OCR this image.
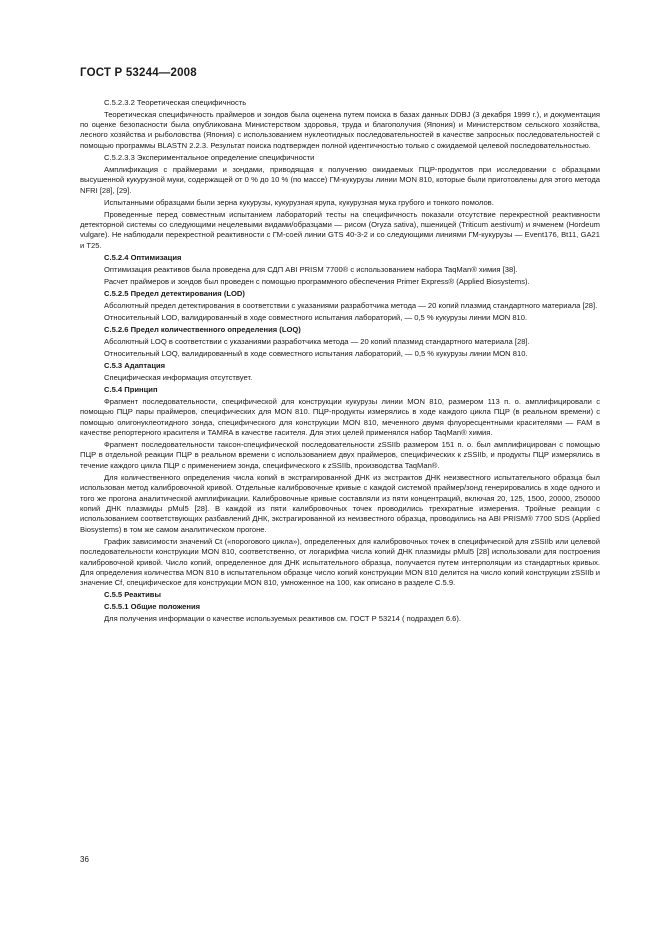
ГОСТ Р 53244—2008

С.5.2.3.2 Теоретическая специфичность

Теоретическая специфичность праймеров и зондов была оценена путем поиска в базах данных DDBJ (3 декабря 1999 г.), и документация по оценке безопасности была опубликована Министерством здоровья, труда и благополучия (Япония) и Министерством сельского хозяйства, лесного хозяйства и рыболовства (Япония) с использованием нуклеотидных последовательностей в качестве запросных последовательностей с помощью программы BLASTN 2.2.3. Результат поиска подтвержден полной идентичностью только с ожидаемой целевой последовательностью.

С.5.2.3.3 Экспериментальное определение специфичности

Амплификация с праймерами и зондами, приводящая к получению ожидаемых ПЦР-продуктов при исследовании с образцами высушенной кукурузной муки, содержащей от 0 % до 10 % (по массе) ГМ-кукурузы линии MON 810, которые были приготовлены для этого метода NFRI [28], [29].

Испытанными образцами были зерна кукурузы, кукурузная крупа, кукурузная мука грубого и тонкого помолов.

Проведенные перед совместным испытанием лабораторий тесты на специфичность показали отсутствие перекрестной реактивности детекторной системы со следующими нецелевыми видами/образцами — рисом (Oryza sativa), пшеницей (Triticum aestivum) и ячменем (Hordeum vulgare). Не наблюдали перекрестной реактивности с ГМ-соей линии GTS 40-3-2 и со следующими линиями ГМ-кукурузы — Event176, Bt11, GA21 и T25.

С.5.2.4 Оптимизация

Оптимизация реактивов была проведена для СДП ABI PRISM 7700® с использованием набора TaqMan® химия [38].

Расчет праймеров и зондов был проведен с помощью программного обеспечения Primer Express® (Applied Biosystems).

С.5.2.5 Предел детектирования (LOD)

Абсолютный предел детектирования в соответствии с указаниями разработчика метода — 20 копий плазмид стандартного материала [28].

Относительный LOD, валидированный в ходе совместного испытания лабораторий, — 0,5 % кукурузы линии MON 810.

С.5.2.6 Предел количественного определения (LOQ)

Абсолютный LOQ в соответствии с указаниями разработчика метода — 20 копий плазмид стандартного материала [28].

Относительный LOQ, валидированный в ходе совместного испытания лабораторий, — 0,5 % кукурузы линии MON 810.

С.5.3 Адаптация

Специфическая информация отсутствует.

С.5.4 Принцип

Фрагмент последовательности, специфической для конструкции кукурузы линии MON 810, размером 113 п. о. амплифицировали с помощью ПЦР пары праймеров, специфических для MON 810. ПЦР-продукты измерялись в ходе каждого цикла ПЦР (в реальном времени) с помощью олигонуклеотидного зонда, специфического для конструкции MON 810, меченного двумя флуоресцентными красителями — FAM в качестве репортерного красителя и TAMRA в качестве гасителя. Для этих целей применялся набор TaqMan® химия.

Фрагмент последовательности таксон-специфической последовательности zSSIIb размером 151 п. о. был амплифицирован с помощью ПЦР в отдельной реакции ПЦР в реальном времени с использованием двух праймеров, специфических к zSSIIb, и продукты ПЦР измерялись в течение каждого цикла ПЦР с применением зонда, специфического к zSSIIb, производства TaqMan®.

Для количественного определения числа копий в экстрагированной ДНК из экстрактов ДНК неизвестного испытательного образца был использован метод калибровочной кривой. Отдельные калибровочные кривые с каждой системой праймер/зонд генерировались в ходе одного и того же прогона аналитической амплификации. Калибровочные кривые составляли из пяти концентраций, включая 20, 125, 1500, 20000, 250000 копий ДНК плазмиды pMul5 [28]. В каждой из пяти калибровочных точек проводились трехкратные измерения. Тройные реакции с использованием соответствующих разбавлений ДНК, экстрагированной из неизвестного образца, проводились на ABI PRISM® 7700 SDS (Applied Biosystems) в том же самом аналитическом прогоне.

График зависимости значений Ct («порогового цикла»), определенных для калибровочных точек в специфической для zSSIIb или целевой последовательности конструкции MON 810, соответственно, от логарифма числа копий ДНК плазмиды pMul5 [28] использовали для построения калибровочной кривой. Число копий, определенное для ДНК испытательного образца, получается путем интерполяции из стандартных кривых. Для определения количества MON 810 в испытательном образце число копий конструкции MON 810 делится на число копий конструкции zSSIIb и значение Cf, специфическое для конструкции MON 810, умноженное на 100, как описано в разделе С.5.9.

С.5.5 Реактивы

С.5.5.1 Общие положения

Для получения информации о качестве используемых реактивов см. ГОСТ Р 53214 ( подраздел 6.6).

36
